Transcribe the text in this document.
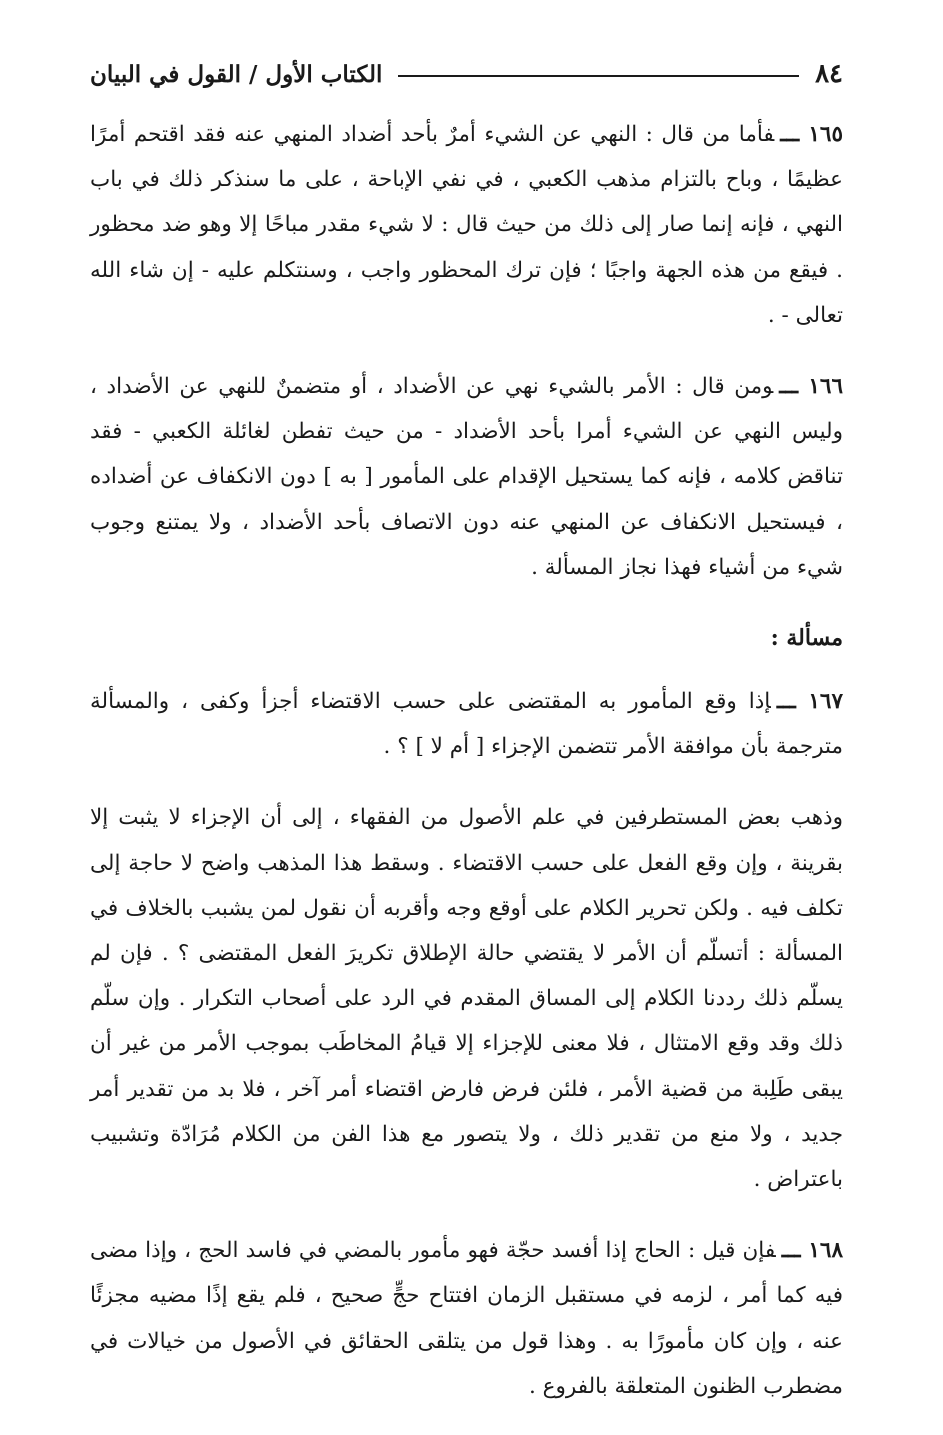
٨٤
الكتاب الأول / القول في البيان

١٦٥ ـــفأما من قال : النهي عن الشيء أمرٌ بأحد أضداد المنهي عنه فقد اقتحم أمرًا عظيمًا ، وباح بالتزام مذهب الكعبي ، في نفي الإباحة ، على ما سنذكر ذلك في باب النهي ، فإنه إنما صار إلى ذلك من حيث قال : لا شيء مقدر مباحًا إلا وهو ضد محظور . فيقع من هذه الجهة واجبًا ؛ فإن ترك المحظور واجب ، وسنتكلم عليه - إن شاء الله تعالى - .

١٦٦ ـــومن قال : الأمر بالشيء نهي عن الأضداد ، أو متضمنٌ للنهي عن الأضداد ، وليس النهي عن الشيء أمرا بأحد الأضداد - من حيث تفطن لغائلة الكعبي - فقد تناقض كلامه ، فإنه كما يستحيل الإقدام على المأمور [ به ] دون الانكفاف عن أضداده ، فيستحيل الانكفاف عن المنهي عنه دون الاتصاف بأحد الأضداد ، ولا يمتنع وجوب شيء من أشياء فهذا نجاز المسألة .

مسألة :

١٦٧ ـــإذا وقع المأمور به المقتضى على حسب الاقتضاء أجزأ وكفى ، والمسألة مترجمة بأن موافقة الأمر تتضمن الإجزاء [ أم لا ] ؟ .

وذهب بعض المستطرفين في علم الأصول من الفقهاء ، إلى أن الإجزاء لا يثبت إلا بقرينة ، وإن وقع الفعل على حسب الاقتضاء . وسقط هذا المذهب واضح لا حاجة إلى تكلف فيه . ولكن تحرير الكلام على أوقع وجه وأقربه أن نقول لمن يشبب بالخلاف في المسألة : أتسلّم أن الأمر لا يقتضي حالة الإطلاق تكريرَ الفعل المقتضى ؟ . فإن لم يسلّم ذلك رددنا الكلام إلى المساق المقدم في الرد على أصحاب التكرار . وإن سلّم ذلك وقد وقع الامتثال ، فلا معنى للإجزاء إلا قيامُ المخاطَب بموجب الأمر من غير أن يبقى طَلِبة من قضية الأمر ، فلئن فرض فارض اقتضاء أمر آخر ، فلا بد من تقدير أمر جديد ، ولا منع من تقدير ذلك ، ولا يتصور مع هذا الفن من الكلام مُرَادّة وتشبيب باعتراض .

١٦٨ ـــفإن قيل : الحاج إذا أفسد حجّة فهو مأمور بالمضي في فاسد الحج ، وإذا مضى فيه كما أمر ، لزمه في مستقبل الزمان افتتاح حجٍّ صحيح ، فلم يقع إذًا مضيه مجزئًا عنه ، وإن كان مأمورًا به . وهذا قول من يتلقى الحقائق في الأصول من خيالات في مضطرب الظنون المتعلقة بالفروع .
